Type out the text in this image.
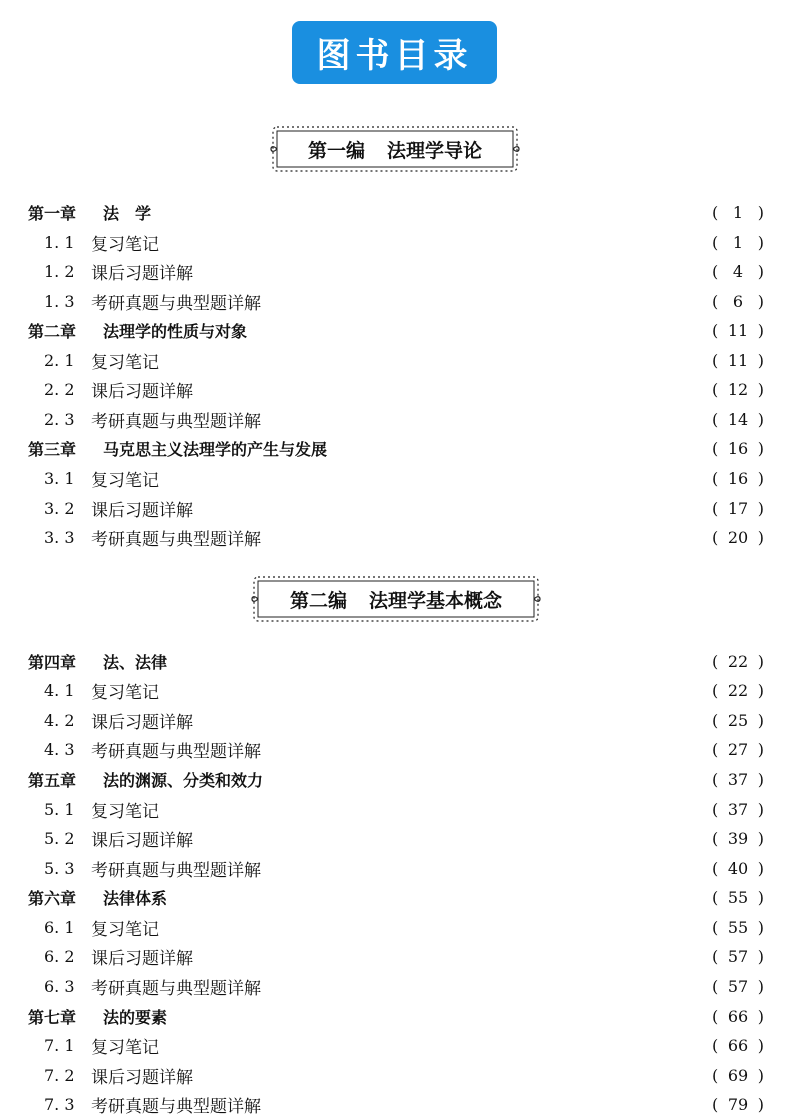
图书目录
第一编 法理学导论
第二编 法理学基本概念
第一章	法　学	( 1 )
1. 1 复习笔记	( 1 )
1. 2 课后习题详解	( 4 )
1. 3 考研真题与典型题详解	( 6 )
第二章	法理学的性质与对象	( 11 )
2. 1 复习笔记	( 11 )
2. 2 课后习题详解	( 12 )
2. 3 考研真题与典型题详解	( 14 )
第三章	马克思主义法理学的产生与发展	( 16 )
3. 1 复习笔记	( 16 )
3. 2 课后习题详解	( 17 )
3. 3 考研真题与典型题详解	( 20 )
第四章	法、法律	( 22 )
4. 1 复习笔记	( 22 )
4. 2 课后习题详解	( 25 )
4. 3 考研真题与典型题详解	( 27 )
第五章	法的渊源、分类和效力	( 37 )
5. 1 复习笔记	( 37 )
5. 2 课后习题详解	( 39 )
5. 3 考研真题与典型题详解	( 40 )
第六章	法律体系	( 55 )
6. 1 复习笔记	( 55 )
6. 2 课后习题详解	( 57 )
6. 3 考研真题与典型题详解	( 57 )
第七章	法的要素	( 66 )
7. 1 复习笔记	( 66 )
7. 2 课后习题详解	( 69 )
7. 3 考研真题与典型题详解	( 79 )
